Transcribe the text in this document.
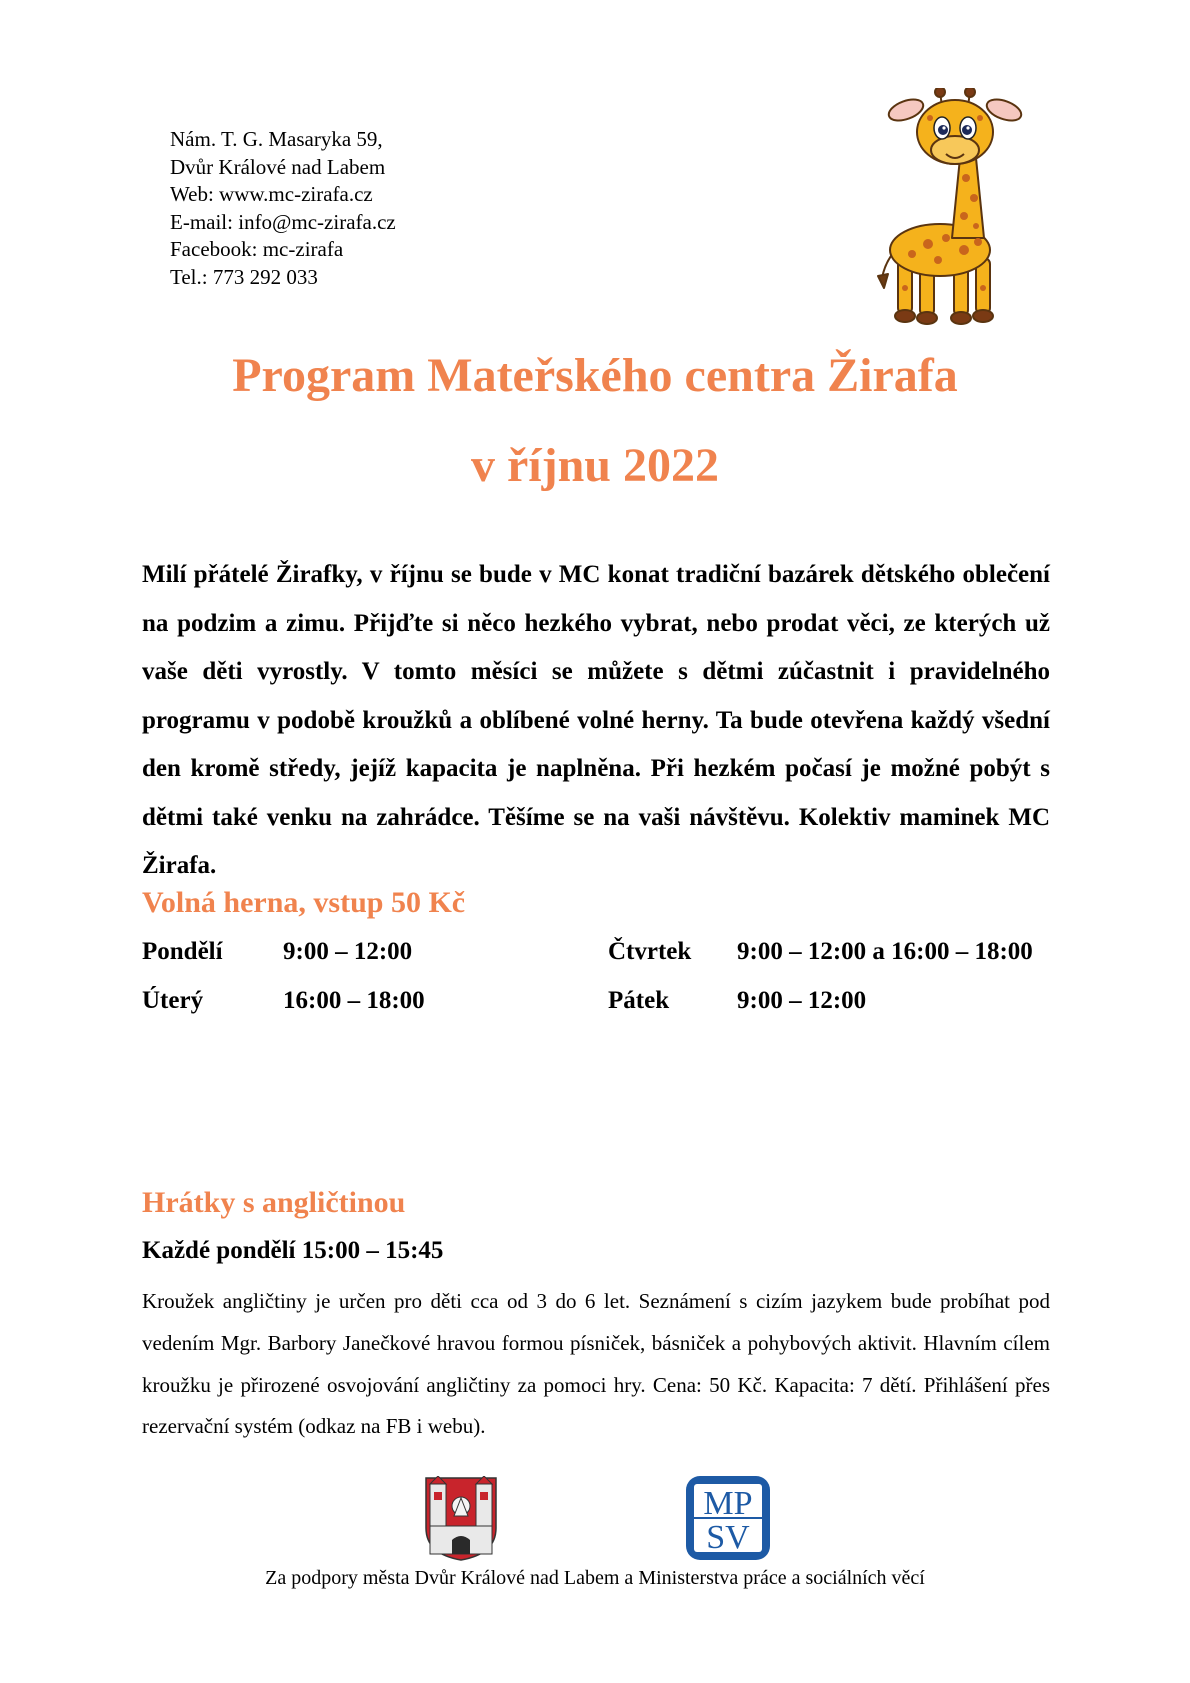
Nám. T. G. Masaryka 59,
Dvůr Králové nad Labem
Web: www.mc-zirafa.cz
E-mail: info@mc-zirafa.cz
Facebook: mc-zirafa
Tel.: 773 292 033
Program Mateřského centra Žirafa
v říjnu 2022
Milí přátelé Žirafky, v říjnu se bude v MC konat tradiční bazárek dětského oblečení na podzim a zimu. Přijďte si něco hezkého vybrat, nebo prodat věci, ze kterých už vaše děti vyrostly. V tomto měsíci se můžete s dětmi zúčastnit i pravidelného programu v podobě kroužků a oblíbené volné herny. Ta bude otevřena každý všední den kromě středy, jejíž kapacita je naplněna. Při hezkém počasí je možné pobýt s dětmi také venku na zahrádce. Těšíme se na vaši návštěvu. Kolektiv maminek MC Žirafa.
Volná herna, vstup 50 Kč
Pondělí 9:00 – 12:00
Úterý	16:00 – 18:00
Čtvrtek 9:00 – 12:00 a 16:00 – 18:00
Pátek	9:00 – 12:00
Hrátky s angličtinou
Každé pondělí 15:00 – 15:45
Kroužek angličtiny je určen pro děti cca od 3 do 6 let. Seznámení s cizím jazykem bude probíhat pod vedením Mgr. Barbory Janečkové hravou formou písniček, básniček a pohybových aktivit. Hlavním cílem kroužku je přirozené osvojování angličtiny za pomoci hry. Cena: 50 Kč. Kapacita: 7 dětí. Přihlášení přes rezervační systém (odkaz na FB i webu).
MP
SV
Za podpory města Dvůr Králové nad Labem a Ministerstva práce a sociálních věcí
